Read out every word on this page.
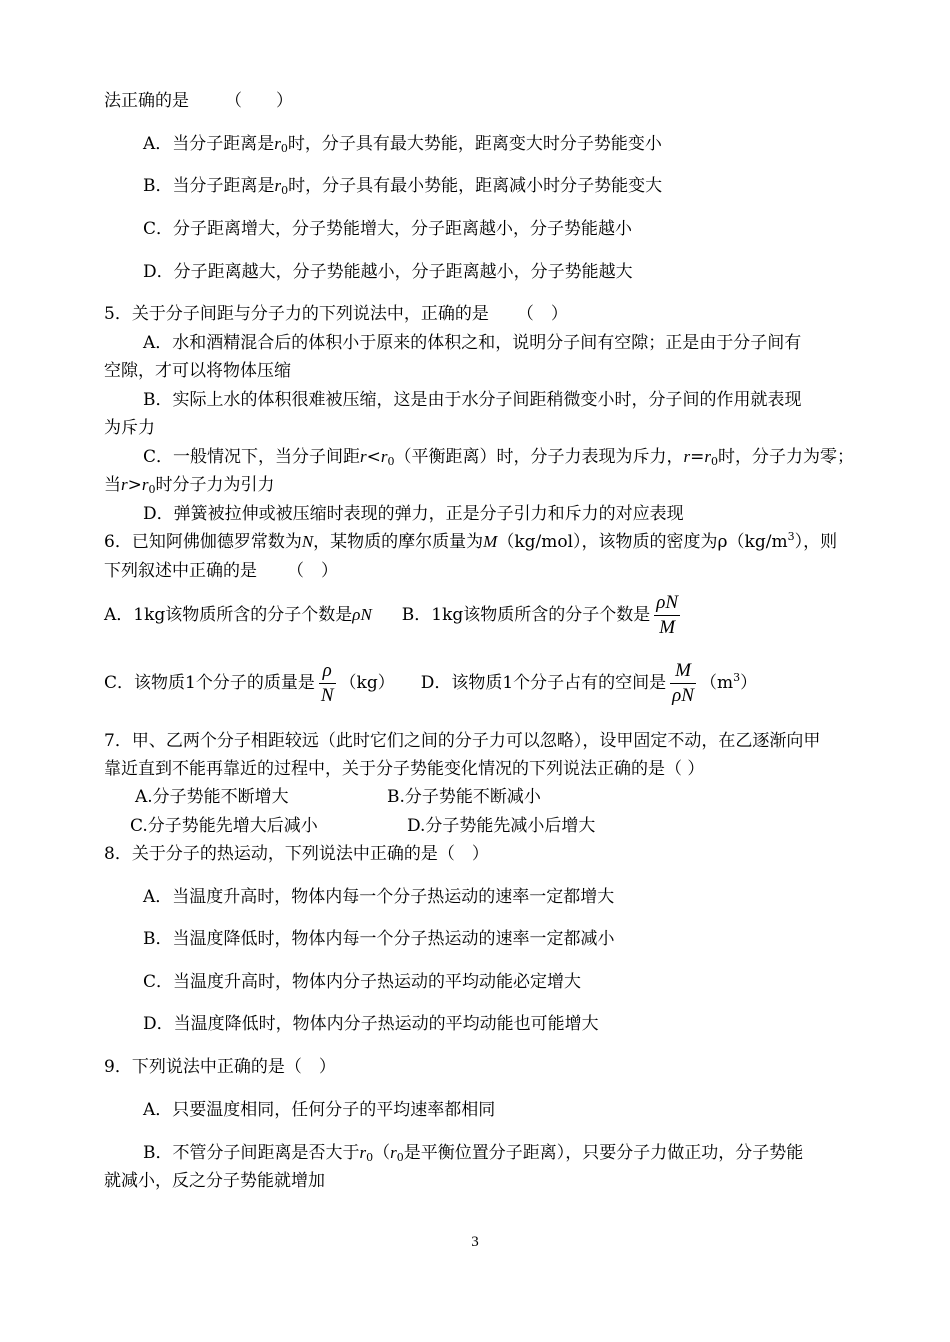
法正确的是 （　　）
A．当分子距离是$r_0$时，分子具有最大势能，距离变大时分子势能变小
B．当分子距离是$r_0$时，分子具有最小势能，距离减小时分子势能变大
C．分子距离增大，分子势能增大，分子距离越小，分子势能越小
D．分子距离越大，分子势能越小，分子距离越小，分子势能越大
5．关于分子间距与分子力的下列说法中，正确的是 （　）
A．水和酒精混合后的体积小于原来的体积之和，说明分子间有空隙；正是由于分子间有
空隙，才可以将物体压缩
B．实际上水的体积很难被压缩，这是由于水分子间距稍微变小时，分子间的作用就表现
为斥力
C．一般情况下，当分子间距$r<r_0$（平衡距离）时，分子力表现为斥力，$r=r_0$时，分子力为零；
当$r>r_0$时分子力为引力
D．弹簧被拉伸或被压缩时表现的弹力，正是分子引力和斥力的对应表现
6．已知阿佛伽德罗常数为N，某物质的摩尔质量为M（kg/mol），该物质的密度为$\rho(kg/m^3)$，则
下列叙述中正确的是 （　）
A．1kg该物质所含的分子个数是ρN B．1kg该物质所含的分子个数是 $\frac{\rho N}{M}$
C．该物质1个分子的质量是 $\frac{\rho}{N} (kg)$ D．该物质1个分子占有的空间是 $\frac{M}{\rho N} (m^3)$
7．甲、乙两个分子相距较远（此时它们之间的分子力可以忽略），设甲固定不动，在乙逐渐向甲
靠近直到不能再靠近的过程中，关于分子势能变化情况的下列说法正确的是（ ）
A.分子势能不断增大	B.分子势能不断减小
C.分子势能先增大后减小	D.分子势能先减小后增大
8．关于分子的热运动，下列说法中正确的是（　）
A．当温度升高时，物体内每一个分子热运动的速率一定都增大
B．当温度降低时，物体内每一个分子热运动的速率一定都减小
C．当温度升高时，物体内分子热运动的平均动能必定增大
D．当温度降低时，物体内分子热运动的平均动能也可能增大
9．下列说法中正确的是（　）
A．只要温度相同，任何分子的平均速率都相同
B．不管分子间距离是否大于$r_0(r_0$是平衡位置分子距离），只要分子力做正功，分子势能
就减小，反之分子势能就增加
3
